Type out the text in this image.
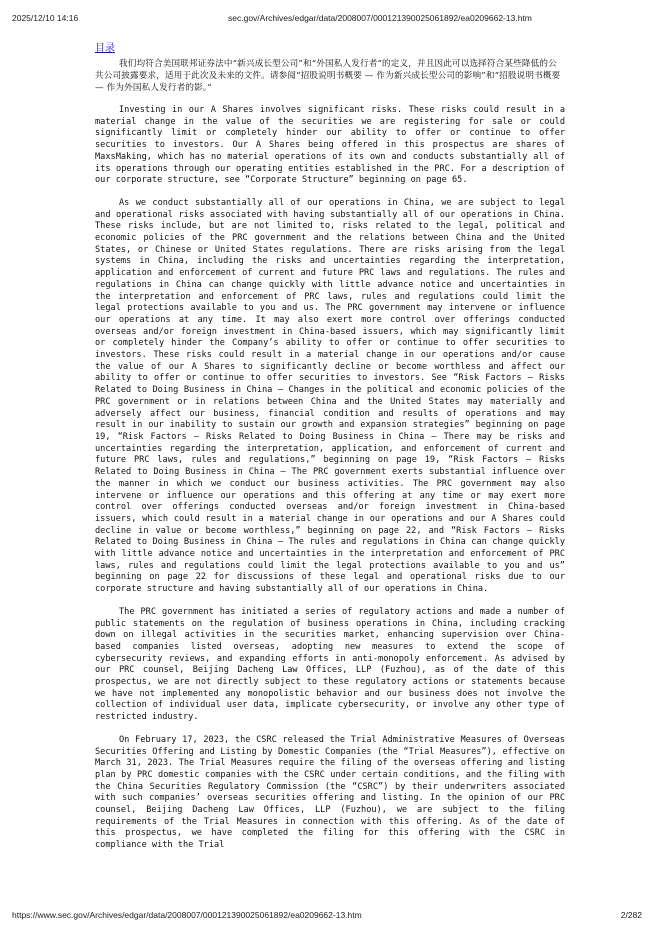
2025/12/10 14:16	sec.gov/Archives/edgar/data/2008007/000121390025061892/ea0209662-13.htm
目录

我们均符合美国联邦证券法中“新兴成长型公司”和“外国私人发行者”的定义，并且因此可以选择符合某些降低的公共公司披露要求，适用于此次及未来的文件。请参阅“招股说明书概要 — 作为新兴成长型公司的影响”和“招股说明书概要 — 作为外国私人发行者的影。”

Investing in our A Shares involves significant risks. These risks could result in a material change in the value of the securities we are registering for sale or could significantly limit or completely hinder our ability to offer or continue to offer securities to investors. Our A Shares being offered in this prospectus are shares of MaxsMaking, which has no material operations of its own and conducts substantially all of its operations through our operating entities established in the PRC. For a description of our corporate structure, see “Corporate Structure” beginning on page 65.

As we conduct substantially all of our operations in China, we are subject to legal and operational risks associated with having substantially all of our operations in China. These risks include, but are not limited to, risks related to the legal, political and economic policies of the PRC government and the relations between China and the United States, or Chinese or United States regulations. There are risks arising from the legal systems in China, including the risks and uncertainties regarding the interpretation, application and enforcement of current and future PRC laws and regulations. The rules and regulations in China can change quickly with little advance notice and uncertainties in the interpretation and enforcement of PRC laws, rules and regulations could limit the legal protections available to you and us. The PRC government may intervene or influence our operations at any time. It may also exert more control over offerings conducted overseas and/or foreign investment in China-based issuers, which may significantly limit or completely hinder the Company’s ability to offer or continue to offer securities to investors. These risks could result in a material change in our operations and/or cause the value of our A Shares to significantly decline or become worthless and affect our ability to offer or continue to offer securities to investors. See “Risk Factors — Risks Related to Doing Business in China — Changes in the political and economic policies of the PRC government or in relations between China and the United States may materially and adversely affect our business, financial condition and results of operations and may result in our inability to sustain our growth and expansion strategies” beginning on page 19, “Risk Factors — Risks Related to Doing Business in China — There may be risks and uncertainties regarding the interpretation, application, and enforcement of current and future PRC laws, rules and regulations,” beginning on page 19, “Risk Factors — Risks Related to Doing Business in China — The PRC government exerts substantial influence over the manner in which we conduct our business activities. The PRC government may also intervene or influence our operations and this offering at any time or may exert more control over offerings conducted overseas and/or foreign investment in China-based issuers, which could result in a material change in our operations and our A Shares could decline in value or become worthless,” beginning on page 22, and “Risk Factors — Risks Related to Doing Business in China — The rules and regulations in China can change quickly with little advance notice and uncertainties in the interpretation and enforcement of PRC laws, rules and regulations could limit the legal protections available to you and us” beginning on page 22 for discussions of these legal and operational risks due to our corporate structure and having substantially all of our operations in China.

The PRC government has initiated a series of regulatory actions and made a number of public statements on the regulation of business operations in China, including cracking down on illegal activities in the securities market, enhancing supervision over China-based companies listed overseas, adopting new measures to extend the scope of cybersecurity reviews, and expanding efforts in anti-monopoly enforcement. As advised by our PRC counsel, Beijing Dacheng Law Offices, LLP (Fuzhou), as of the date of this prospectus, we are not directly subject to these regulatory actions or statements because we have not implemented any monopolistic behavior and our business does not involve the collection of individual user data, implicate cybersecurity, or involve any other type of restricted industry.

On February 17, 2023, the CSRC released the Trial Administrative Measures of Overseas Securities Offering and Listing by Domestic Companies (the “Trial Measures”), effective on March 31, 2023. The Trial Measures require the filing of the overseas offering and listing plan by PRC domestic companies with the CSRC under certain conditions, and the filing with the China Securities Regulatory Commission (the “CSRC”) by their underwriters associated with such companies’ overseas securities offering and listing. In the opinion of our PRC counsel, Beijing Dacheng Law Offices, LLP (Fuzhou), we are subject to the filing requirements of the Trial Measures in connection with this offering. As of the date of this prospectus, we have completed the filing for this offering with the CSRC in compliance with the Trial

https://www.sec.gov/Archives/edgar/data/2008007/000121390025061892/ea0209662-13.htm	2/282
